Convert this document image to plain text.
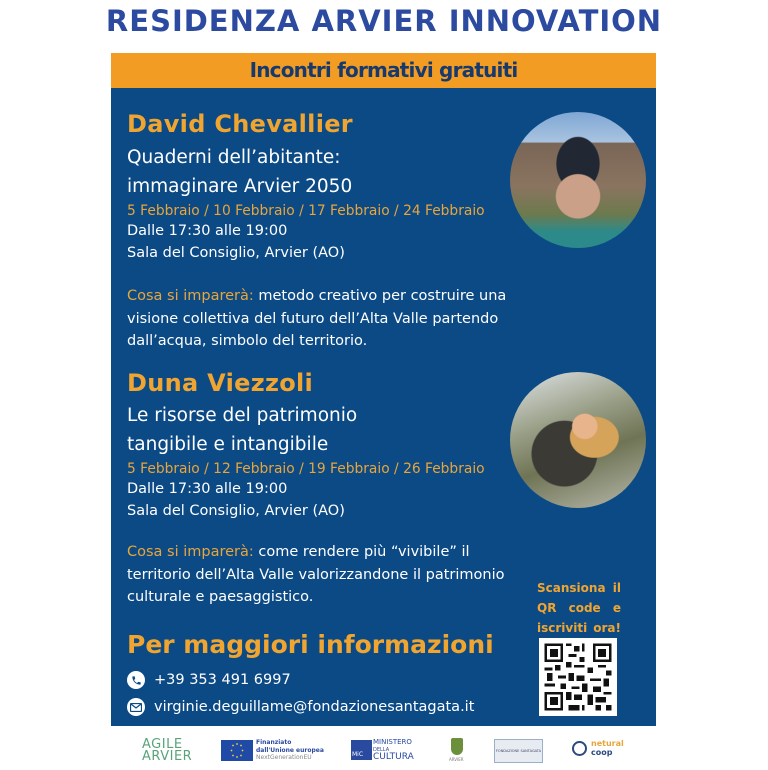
RESIDENZA ARVIER INNOVATION
Incontri formativi gratuiti
David Chevallier
Quaderni dell’abitante:
immaginare Arvier 2050
5 Febbraio / 10 Febbraio / 17 Febbraio / 24 Febbraio
Dalle 17:30 alle 19:00
Sala del Consiglio, Arvier (AO)
Cosa si imparerà: metodo creativo per costruire una visione collettiva del futuro dell’Alta Valle partendo dall’acqua, simbolo del territorio.
Duna Viezzoli
Le risorse del patrimonio
tangibile e intangibile
5 Febbraio / 12 Febbraio / 19 Febbraio / 26 Febbraio
Dalle 17:30 alle 19:00
Sala del Consiglio, Arvier (AO)
Cosa si imparerà: come rendere più “vivibile” il territorio dell’Alta Valle valorizzandone il patrimonio culturale e paesaggistico.
Per maggiori informazioni
+39 353 491 6997
virginie.deguillame@fondazionesantagata.it
Scansiona il QR code e iscriviti ora!
AGILE
ARVIER
Finanziato
dall'Unione europea
NextGenerationEU	MiC
MINISTERO
DELLA
CULTURA	ARVIER
FONDAZIONE SANTAGATA
netural
coop
